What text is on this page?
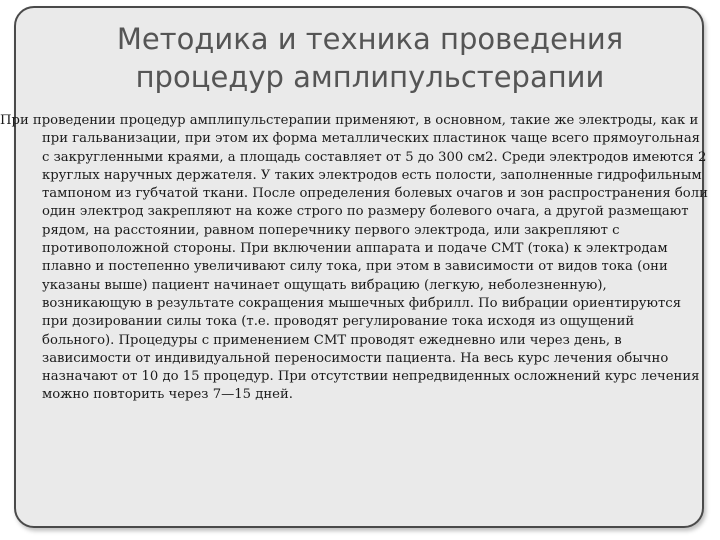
Методика и техника проведения
процедур амплипульстерапии

При проведении процедур амплипульстерапии применяют, в основном, такие же электроды, как и при гальванизации, при этом их форма металлических пластинок чаще всего прямоугольная с закругленными краями, а площадь составляет от 5 до 300 см2. Среди электродов имеются 2 круглых наручных держателя. У таких электродов есть полости, заполненные гидрофильным тампоном из губчатой ткани. После определения болевых очагов и зон распространения боли один электрод закрепляют на коже строго по размеру болевого очага, а другой размещают рядом, на расстоянии, равном поперечнику первого электрода, или закрепляют с противоположной стороны. При включении аппарата и подаче СМТ (тока) к электродам плавно и постепенно увеличивают силу тока, при этом в зависимости от видов тока (они указаны выше) пациент начинает ощущать вибрацию (легкую, неболезненную), возникающую в результате сокращения мышечных фибрилл. По вибрации ориентируются при дозировании силы тока (т.е. проводят регулирование тока исходя из ощущений больного). Процедуры с применением СМТ проводят ежедневно или через день, в зависимости от индивидуальной переносимости пациента. На весь курс лечения обычно назначают от 10 до 15 процедур. При отсутствии непредвиденных осложнений курс лечения можно повторить через 7—15 дней.
